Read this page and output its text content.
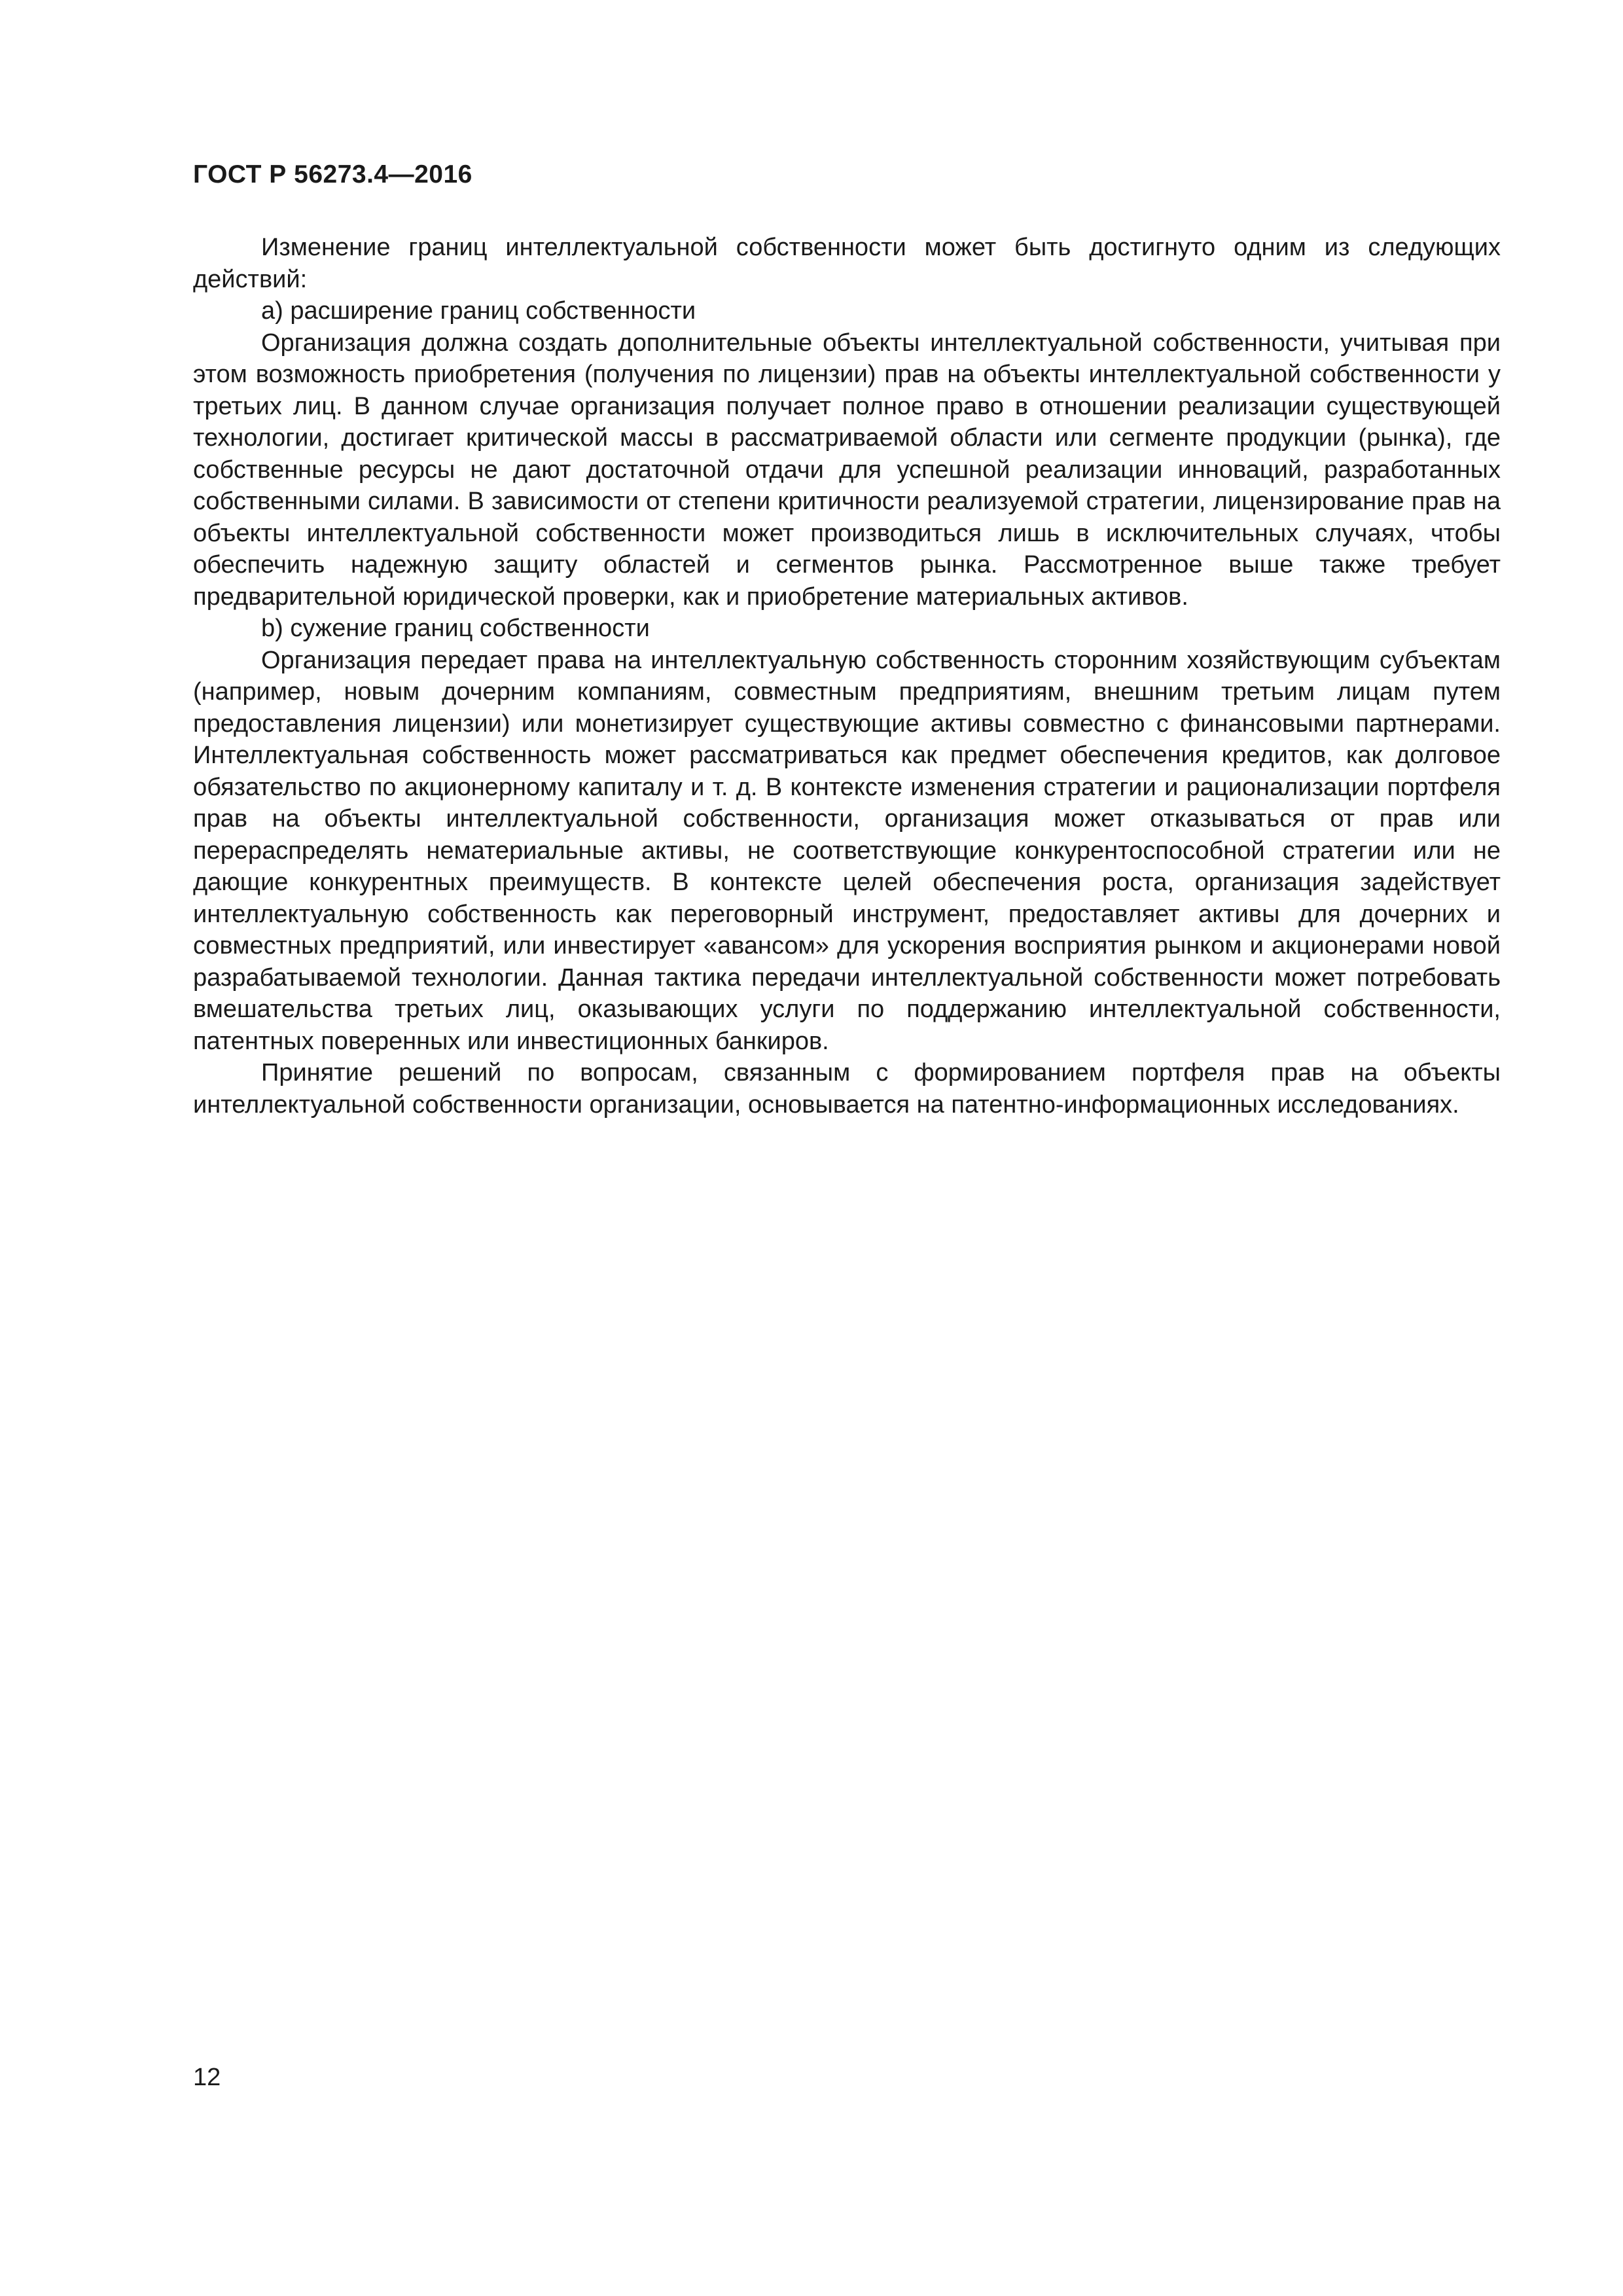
ГОСТ Р 56273.4—2016

Изменение границ интеллектуальной собственности может быть достигнуто одним из следующих действий:

a) расширение границ собственности

Организация должна создать дополнительные объекты интеллектуальной собственности, учитывая при этом возможность приобретения (получения по лицензии) прав на объекты интеллектуальной собственности у третьих лиц. В данном случае организация получает полное право в отношении реализации существующей технологии, достигает критической массы в рассматриваемой области или сегменте продукции (рынка), где собственные ресурсы не дают достаточной отдачи для успешной реализации инноваций, разработанных собственными силами. В зависимости от степени критичности реализуемой стратегии, лицензирование прав на объекты интеллектуальной собственности может производиться лишь в исключительных случаях, чтобы обеспечить надежную защиту областей и сегментов рынка. Рассмотренное выше также требует предварительной юридической проверки, как и приобретение материальных активов.

b) сужение границ собственности

Организация передает права на интеллектуальную собственность сторонним хозяйствующим субъектам (например, новым дочерним компаниям, совместным предприятиям, внешним третьим лицам путем предоставления лицензии) или монетизирует существующие активы совместно с финансовыми партнерами. Интеллектуальная собственность может рассматриваться как предмет обеспечения кредитов, как долговое обязательство по акционерному капиталу и т. д. В контексте изменения стратегии и рационализации портфеля прав на объекты интеллектуальной собственности, организация может отказываться от прав или перераспределять нематериальные активы, не соответствующие конкурентоспособной стратегии или не дающие конкурентных преимуществ. В контексте целей обеспечения роста, организация задействует интеллектуальную собственность как переговорный инструмент, предоставляет активы для дочерних и совместных предприятий, или инвестирует «авансом» для ускорения восприятия рынком и акционерами новой разрабатываемой технологии. Данная тактика передачи интеллектуальной собственности может потребовать вмешательства третьих лиц, оказывающих услуги по поддержанию интеллектуальной собственности, патентных поверенных или инвестиционных банкиров.

Принятие решений по вопросам, связанным с формированием портфеля прав на объекты интеллектуальной собственности организации, основывается на патентно-информационных исследованиях.

12
